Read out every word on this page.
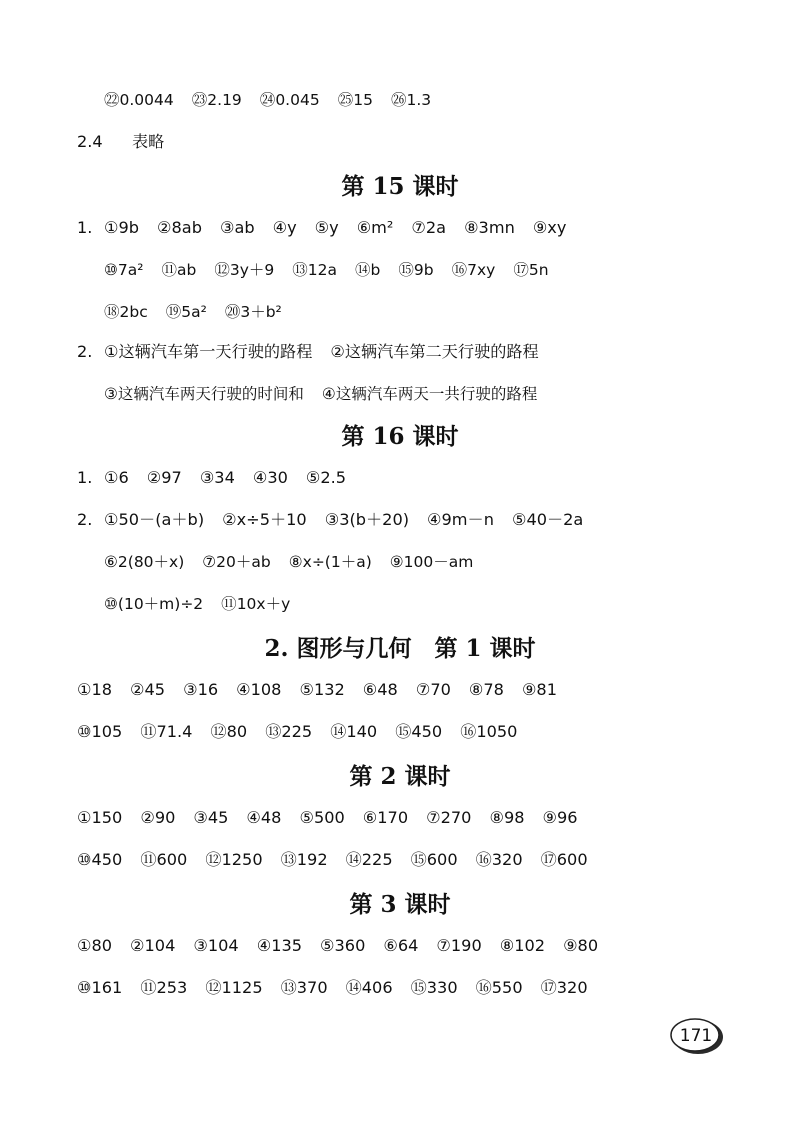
㉒0.0044 ㉓2.19 ㉔0.045 ㉕15 ㉖1.3
2.4 表略
第 15 课时
1. ①9b ②8ab ③ab ④y ⑤y ⑥m² ⑦2a ⑧3mn ⑨xy
⑩7a² ⑪ab ⑫3y＋9 ⑬12a ⑭b ⑮9b ⑯7xy ⑰5n
⑱2bc ⑲5a² ⑳3＋b²
2. ①这辆汽车第一天行驶的路程 ②这辆汽车第二天行驶的路程
③这辆汽车两天行驶的时间和 ④这辆汽车两天一共行驶的路程
第 16 课时
1. ①6 ②97 ③34 ④30 ⑤2.5
2. ①50－(a＋b) ②x÷5＋10 ③3(b＋20) ④9m－n ⑤40－2a
⑥2(80＋x) ⑦20＋ab ⑧x÷(1＋a) ⑨100－am
⑩(10＋m)÷2 ⑪10x＋y
2. 图形与几何　第 1 课时
①18 ②45 ③16 ④108 ⑤132 ⑥48 ⑦70 ⑧78 ⑨81
⑩105 ⑪71.4 ⑫80 ⑬225 ⑭140 ⑮450 ⑯1050
第 2 课时
①150 ②90 ③45 ④48 ⑤500 ⑥170 ⑦270 ⑧98 ⑨96
⑩450 ⑪600 ⑫1250 ⑬192 ⑭225 ⑮600 ⑯320 ⑰600
第 3 课时
①80 ②104 ③104 ④135 ⑤360 ⑥64 ⑦190 ⑧102 ⑨80
⑩161 ⑪253 ⑫1125 ⑬370 ⑭406 ⑮330 ⑯550 ⑰320
171
